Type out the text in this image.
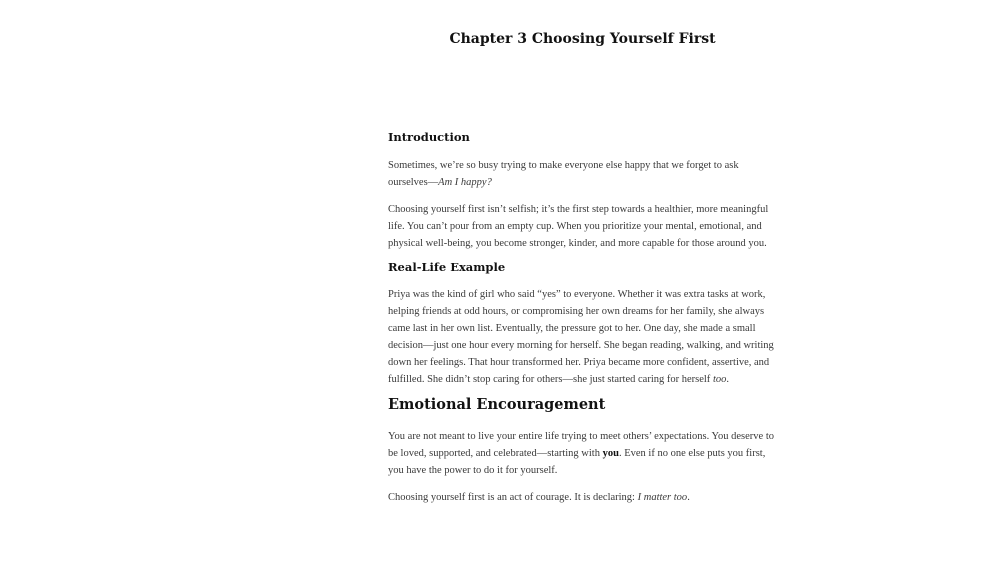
Chapter 3 Choosing Yourself First
Introduction

Sometimes, we’re so busy trying to make everyone else happy that we forget to ask ourselves—Am I happy?

Choosing yourself first isn’t selfish; it’s the first step towards a healthier, more meaningful life. You can’t pour from an empty cup. When you prioritize your mental, emotional, and physical well-being, you become stronger, kinder, and more capable for those around you.

Real-Life Example

Priya was the kind of girl who said “yes” to everyone. Whether it was extra tasks at work, helping friends at odd hours, or compromising her own dreams for her family, she always came last in her own list. Eventually, the pressure got to her. One day, she made a small decision—just one hour every morning for herself. She began reading, walking, and writing down her feelings. That hour transformed her. Priya became more confident, assertive, and fulfilled. She didn’t stop caring for others—she just started caring for herself too.

Emotional Encouragement

You are not meant to live your entire life trying to meet others’ expectations. You deserve to be loved, supported, and celebrated—starting with you. Even if no one else puts you first, you have the power to do it for yourself.

Choosing yourself first is an act of courage. It is declaring: I matter too.
